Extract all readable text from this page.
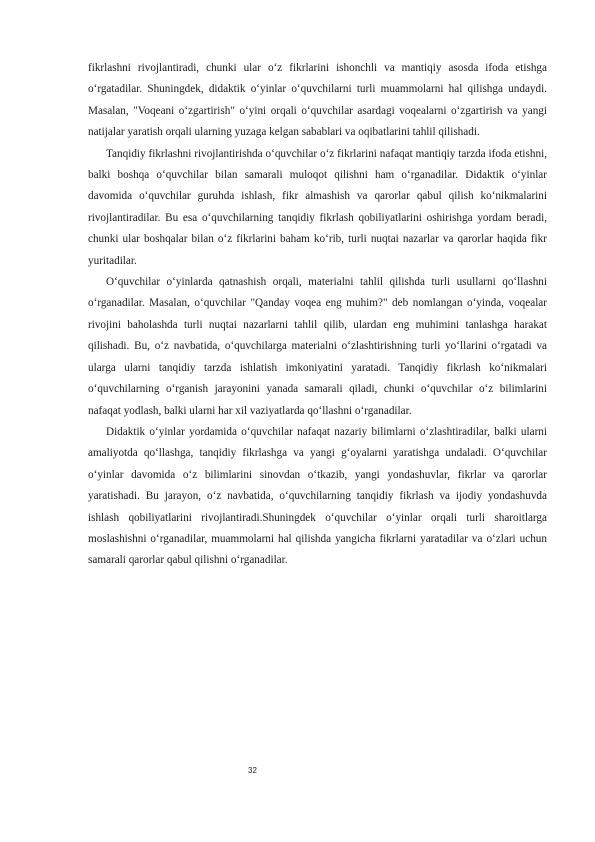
fikrlashni rivojlantiradi, chunki ular o‘z fikrlarini ishonchli va mantiqiy asosda ifoda etishga o‘rgatadilar. Shuningdek, didaktik o‘yinlar o‘quvchilarni turli muammolarni hal qilishga undaydi. Masalan, "Voqeani o‘zgartirish" o‘yini orqali o‘quvchilar asardagi voqealarni o‘zgartirish va yangi natijalar yaratish orqali ularning yuzaga kelgan sabablari va oqibatlarini tahlil qilishadi.

Tanqidiy fikrlashni rivojlantirishda o‘quvchilar o‘z fikrlarini nafaqat mantiqiy tarzda ifoda etishni, balki boshqa o‘quvchilar bilan samarali muloqot qilishni ham o‘rganadilar. Didaktik o‘yinlar davomida o‘quvchilar guruhda ishlash, fikr almashish va qarorlar qabul qilish ko‘nikmalarini rivojlantiradilar. Bu esa o‘quvchilarning tanqidiy fikrlash qobiliyatlarini oshirishga yordam beradi, chunki ular boshqalar bilan o‘z fikrlarini baham ko‘rib, turli nuqtai nazarlar va qarorlar haqida fikr yuritadilar.

O‘quvchilar o‘yinlarda qatnashish orqali, materialni tahlil qilishda turli usullarni qo‘llashni o‘rganadilar. Masalan, o‘quvchilar "Qanday voqea eng muhim?" deb nomlangan o‘yinda, voqealar rivojini baholashda turli nuqtai nazarlarni tahlil qilib, ulardan eng muhimini tanlashga harakat qilishadi. Bu, o‘z navbatida, o‘quvchilarga materialni o‘zlashtirishning turli yo‘llarini o‘rgatadi va ularga ularni tanqidiy tarzda ishlatish imkoniyatini yaratadi. Tanqidiy fikrlash ko‘nikmalari o‘quvchilarning o‘rganish jarayonini yanada samarali qiladi, chunki o‘quvchilar o‘z bilimlarini nafaqat yodlash, balki ularni har xil vaziyatlarda qo‘llashni o‘rganadilar.

Didaktik o‘yinlar yordamida o‘quvchilar nafaqat nazariy bilimlarni o‘zlashtiradilar, balki ularni amaliyotda qo‘llashga, tanqidiy fikrlashga va yangi g‘oyalarni yaratishga undaladi. O‘quvchilar o‘yinlar davomida o‘z bilimlarini sinovdan o‘tkazib, yangi yondashuvlar, fikrlar va qarorlar yaratishadi. Bu jarayon, o‘z navbatida, o‘quvchilarning tanqidiy fikrlash va ijodiy yondashuvda ishlash qobiliyatlarini rivojlantiradi.Shuningdek o‘quvchilar o‘yinlar orqali turli sharoitlarga moslashishni o‘rganadilar, muammolarni hal qilishda yangicha fikrlarni yaratadilar va o‘zlari uchun samarali qarorlar qabul qilishni o‘rganadilar.

32
